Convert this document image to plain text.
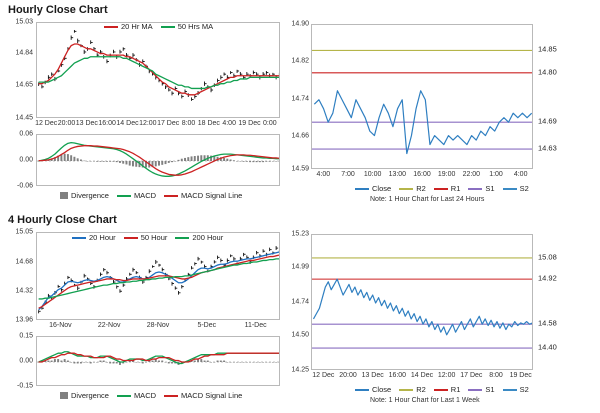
Hourly Close Chart
4 Hourly Close Chart
15.03
14.84
14.65
14.45
12 Dec 20:00 13 Dec 16:00 14 Dec 12:00 17 Dec 8:00 18 Dec 4:00 19 Dec 0:00
20 Hr MA	50 Hrs MA
0.06
0.00
-0.06
Divergence	MACD	MACD Signal Line
14.90
14.82
14.74
14.66
14.59
4:00 7:00 10:00 13:00 16:00 19:00 22:00 1:00 4:00
14.85
14.80
14.69
14.63
Close	R2	R1	S1	S2
Note: 1 Hour Chart for Last 24 Hours
15.05
14.68
14.32
13.96
16-Nov	22-Nov	28-Nov	5-Dec	11-Dec
20 Hour	50 Hour	200 Hour
0.15
0.00
-0.15
Divergence	MACD	MACD Signal Line
15.23
14.99
14.74
14.50
14.25
12 Dec 20:00 13 Dec 16:00 14 Dec 12:00 17 Dec 8:00 19 Dec
15.08
14.92
14.58
14.40
Close	R2	R1	S1	S2
Note: 1 Hour Chart for Last 1 Week
